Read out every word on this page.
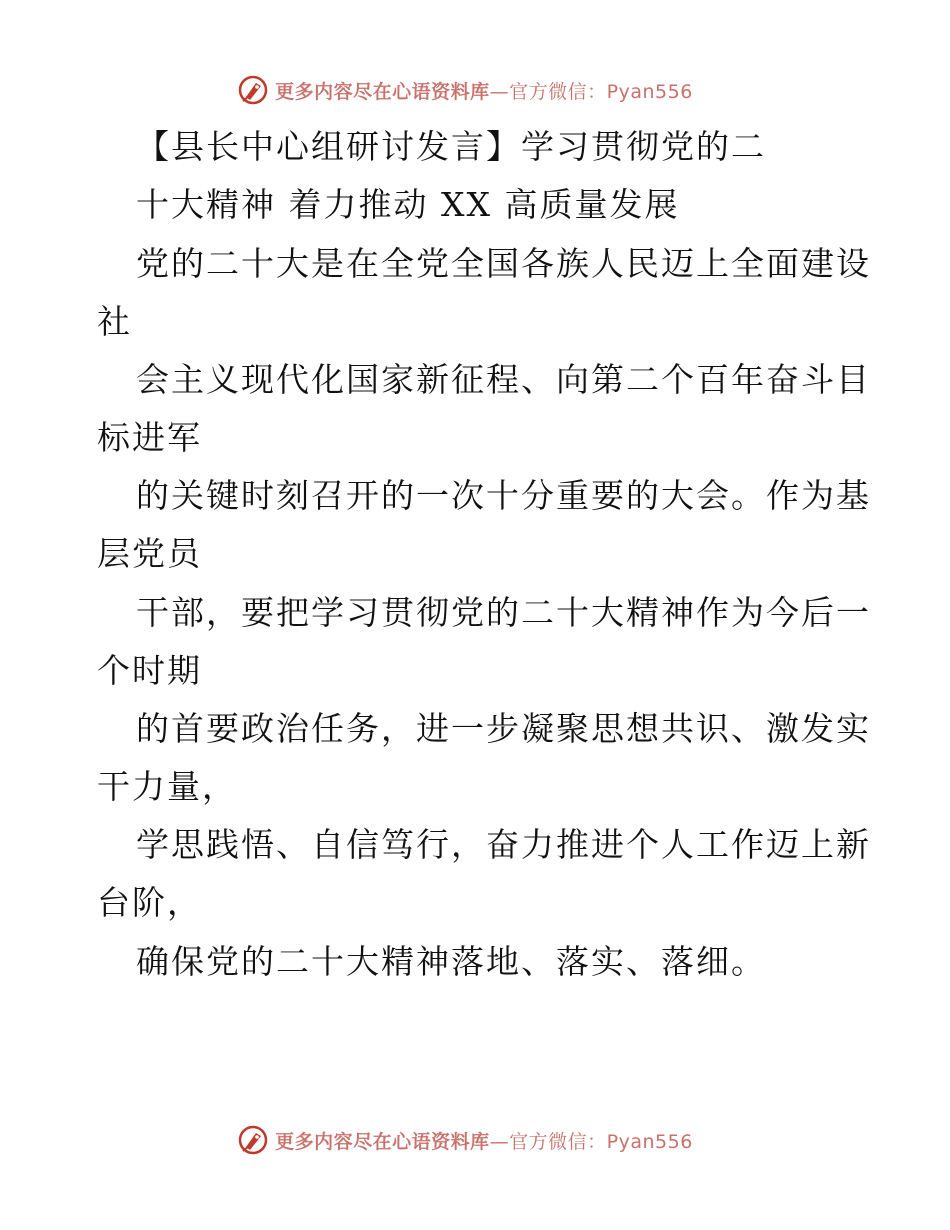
更多内容尽在心语资料库—官方微信：Pyan556
【县长中心组研讨发言】学习贯彻党的二
十大精神 着力推动 XX 高质量发展
党的二十大是在全党全国各族人民迈上全面建设
社
会主义现代化国家新征程、向第二个百年奋斗目
标进军
的关键时刻召开的一次十分重要的大会。作为基
层党员
干部，要把学习贯彻党的二十大精神作为今后一
个时期
的首要政治任务，进一步凝聚思想共识、激发实
干力量，
学思践悟、自信笃行，奋力推进个人工作迈上新
台阶，
确保党的二十大精神落地、落实、落细。
更多内容尽在心语资料库—官方微信：Pyan556
